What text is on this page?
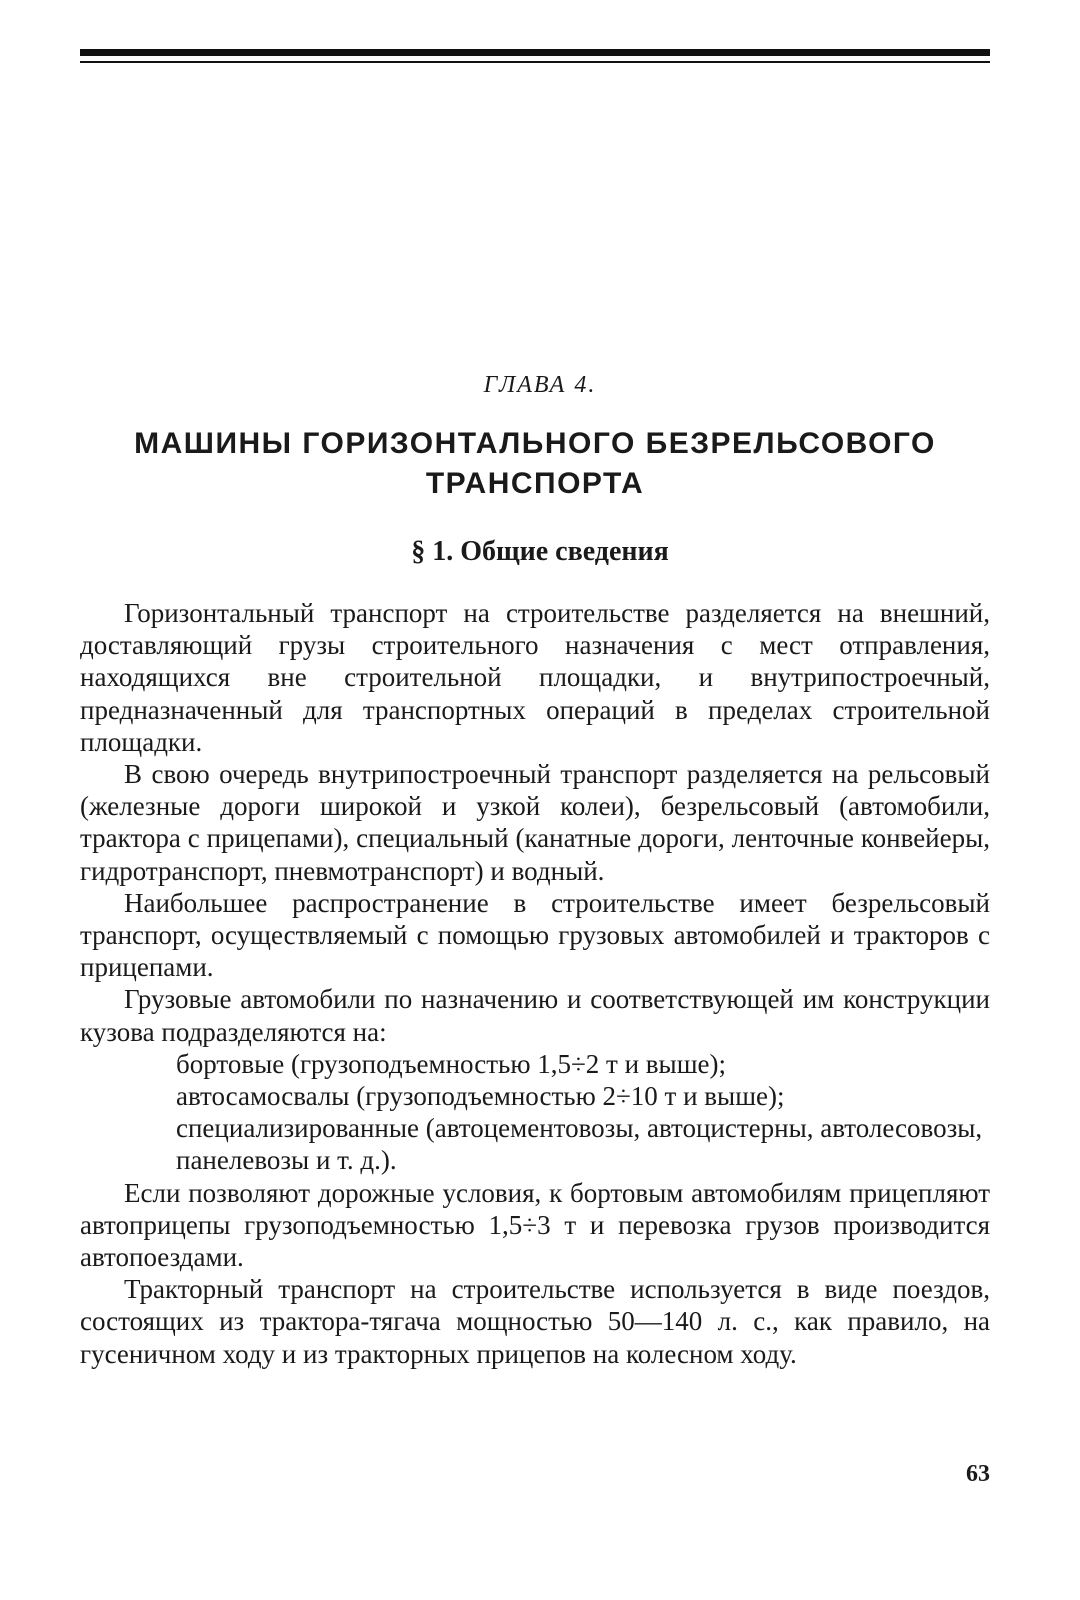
ГЛАВА 4.
МАШИНЫ ГОРИЗОНТАЛЬНОГО БЕЗРЕЛЬСОВОГО
ТРАНСПОРТА
§ 1. Общие сведения

Горизонтальный транспорт на строительстве разделяется на внешний, доставляющий грузы строительного назначения с мест отправления, находящихся вне строительной площадки, и внутрипостроечный, предназначенный для транспортных операций в пределах строительной площадки.

В свою очередь внутрипостроечный транспорт разделяется на рельсовый (железные дороги широкой и узкой колеи), безрельсовый (автомобили, трактора с прицепами), специальный (канатные дороги, ленточные конвейеры, гидротранспорт, пневмотранспорт) и водный.

Наибольшее распространение в строительстве имеет безрельсовый транспорт, осуществляемый с помощью грузовых автомобилей и тракторов с прицепами.

Грузовые автомобили по назначению и соответствующей им конструкции кузова подразделяются на:

бортовые (грузоподъемностью 1,5÷2 т и выше);
автосамосвалы (грузоподъемностью 2÷10 т и выше);
специализированные (автоцементовозы, автоцистерны, автолесовозы, панелевозы и т. д.).

Если позволяют дорожные условия, к бортовым автомобилям прицепляют автоприцепы грузоподъемностью 1,5÷3 т и перевозка грузов производится автопоездами.

Тракторный транспорт на строительстве используется в виде поездов, состоящих из трактора-тягача мощностью 50—140 л. с., как правило, на гусеничном ходу и из тракторных прицепов на колесном ходу.

63
